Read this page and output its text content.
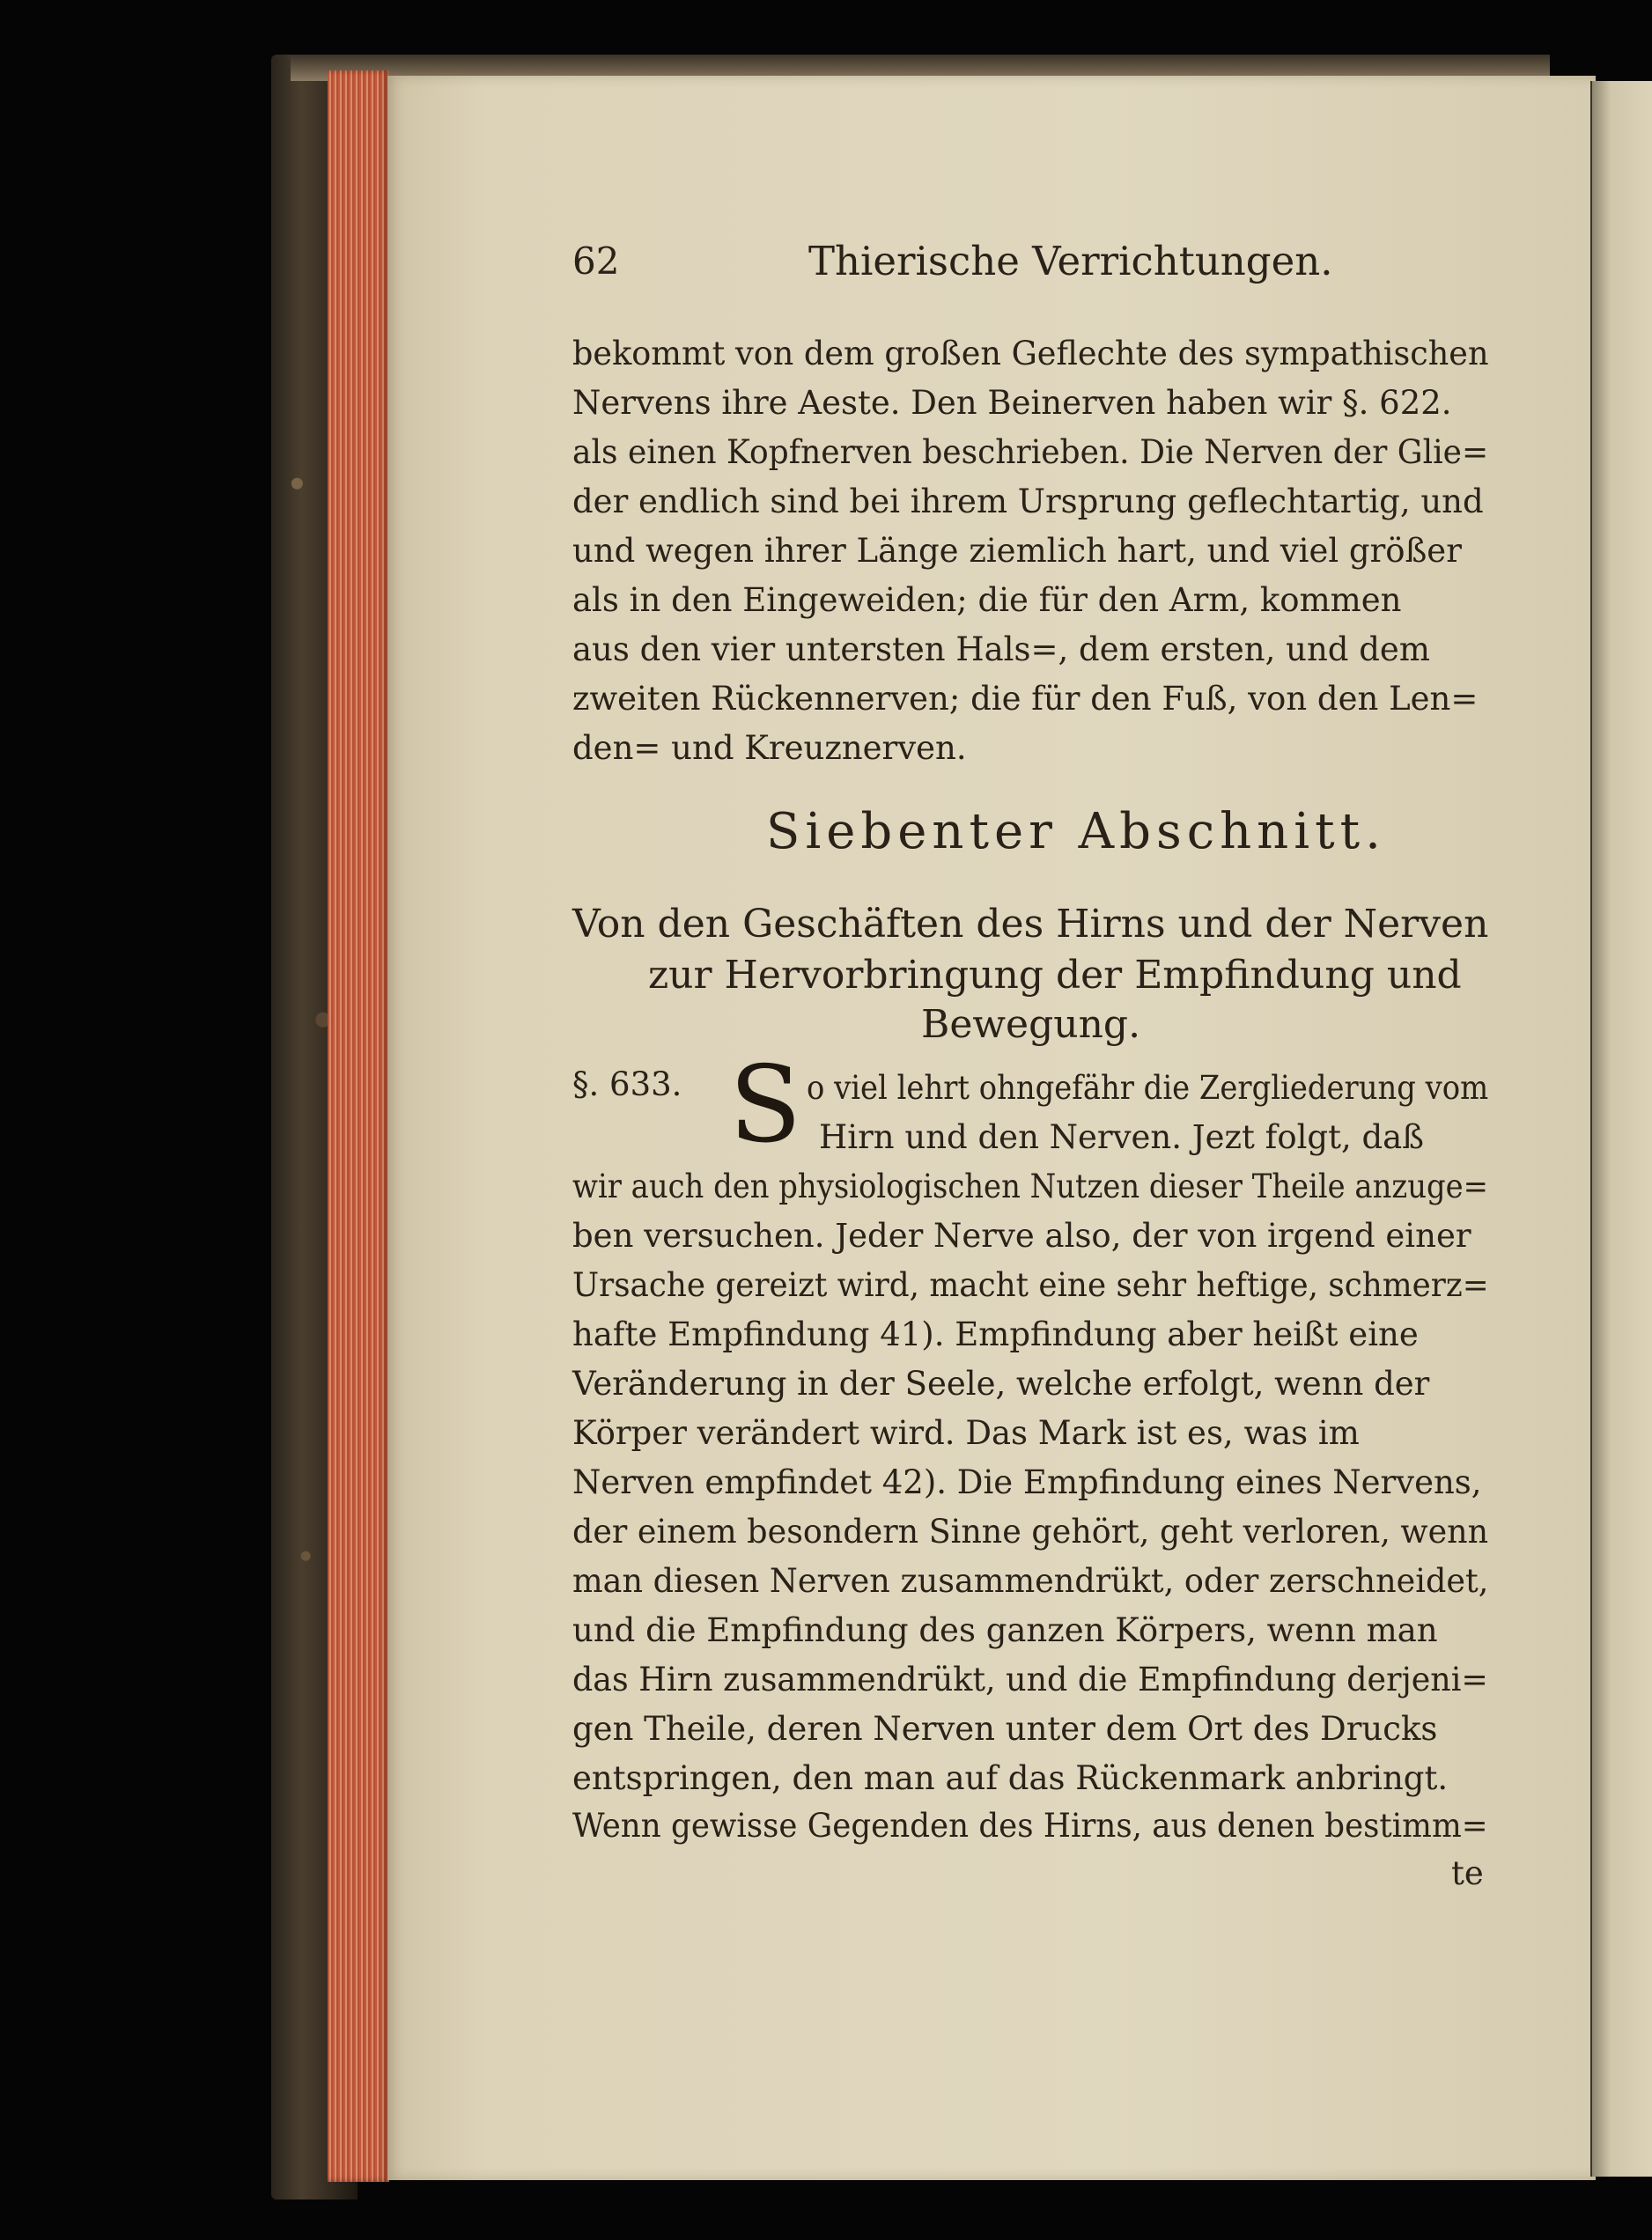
62	Thierische Verrichtungen.
bekommt von dem großen Geflechte des sympathischen
Nervens ihre Aeste. Den Beinerven haben wir §. 622.
als einen Kopfnerven beschrieben. Die Nerven der Glie=
der endlich sind bei ihrem Ursprung geflechtartig, und
und wegen ihrer Länge ziemlich hart, und viel größer
als in den Eingeweiden; die für den Arm, kommen
aus den vier untersten Hals=, dem ersten, und dem
zweiten Rückennerven; die für den Fuß, von den Len=
den= und Kreuznerven.
Siebenter Abschnitt.
Von den Geschäften des Hirns und der Nerven
zur Hervorbringung der Empfindung und
Bewegung.
§. 633. S o viel lehrt ohngefähr die Zergliederung vom
Hirn und den Nerven. Jezt folgt, daß
wir auch den physiologischen Nutzen dieser Theile anzuge=
ben versuchen. Jeder Nerve also, der von irgend einer
Ursache gereizt wird, macht eine sehr heftige, schmerz=
hafte Empfindung 41). Empfindung aber heißt eine
Veränderung in der Seele, welche erfolgt, wenn der
Körper verändert wird. Das Mark ist es, was im
Nerven empfindet 42). Die Empfindung eines Nervens,
der einem besondern Sinne gehört, geht verloren, wenn
man diesen Nerven zusammendrükt, oder zerschneidet,
und die Empfindung des ganzen Körpers, wenn man
das Hirn zusammendrükt, und die Empfindung derjeni=
gen Theile, deren Nerven unter dem Ort des Drucks
entspringen, den man auf das Rückenmark anbringt.
Wenn gewisse Gegenden des Hirns, aus denen bestimm=
te
